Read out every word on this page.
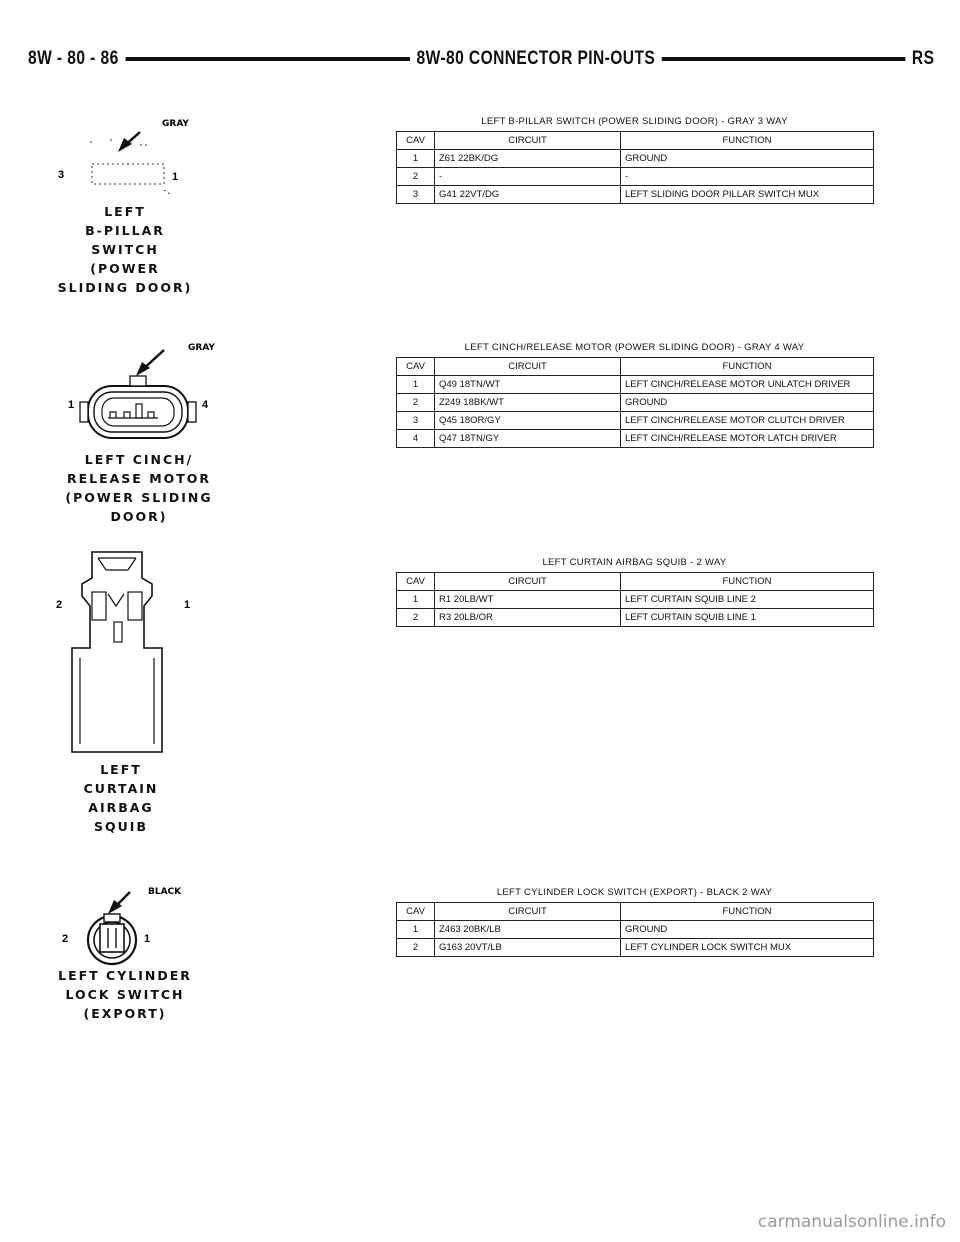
8W - 80 - 86	8W-80 CONNECTOR PIN-OUTS	RS
GRAY
3	1
LEFT
B-PILLAR
SWITCH
(POWER
SLIDING DOOR)
LEFT B-PILLAR SWITCH (POWER SLIDING DOOR) - GRAY 3 WAY
CAV	CIRCUIT	FUNCTION
1	Z61 22BK/DG	GROUND
2	-	-
3	G41 22VT/DG	LEFT SLIDING DOOR PILLAR SWITCH MUX
GRAY
1	4
LEFT CINCH/
RELEASE MOTOR
(POWER SLIDING DOOR)
LEFT CINCH/RELEASE MOTOR (POWER SLIDING DOOR) - GRAY 4 WAY
CAV	CIRCUIT	FUNCTION
1	Q49 18TN/WT	LEFT CINCH/RELEASE MOTOR UNLATCH DRIVER
2	Z249 18BK/WT	GROUND
3	Q45 18OR/GY	LEFT CINCH/RELEASE MOTOR CLUTCH DRIVER
4	Q47 18TN/GY	LEFT CINCH/RELEASE MOTOR LATCH DRIVER
2	1
LEFT
CURTAIN
AIRBAG
SQUIB
LEFT CURTAIN AIRBAG SQUIB - 2 WAY
CAV	CIRCUIT	FUNCTION
1	R1 20LB/WT	LEFT CURTAIN SQUIB LINE 2
2	R3 20LB/OR	LEFT CURTAIN SQUIB LINE 1
BLACK
2	1
LEFT CYLINDER
LOCK SWITCH
(EXPORT)
LEFT CYLINDER LOCK SWITCH (EXPORT) - BLACK 2 WAY
CAV	CIRCUIT	FUNCTION
1	Z463 20BK/LB	GROUND
2	G163 20VT/LB	LEFT CYLINDER LOCK SWITCH MUX
carmanualsonline.info
